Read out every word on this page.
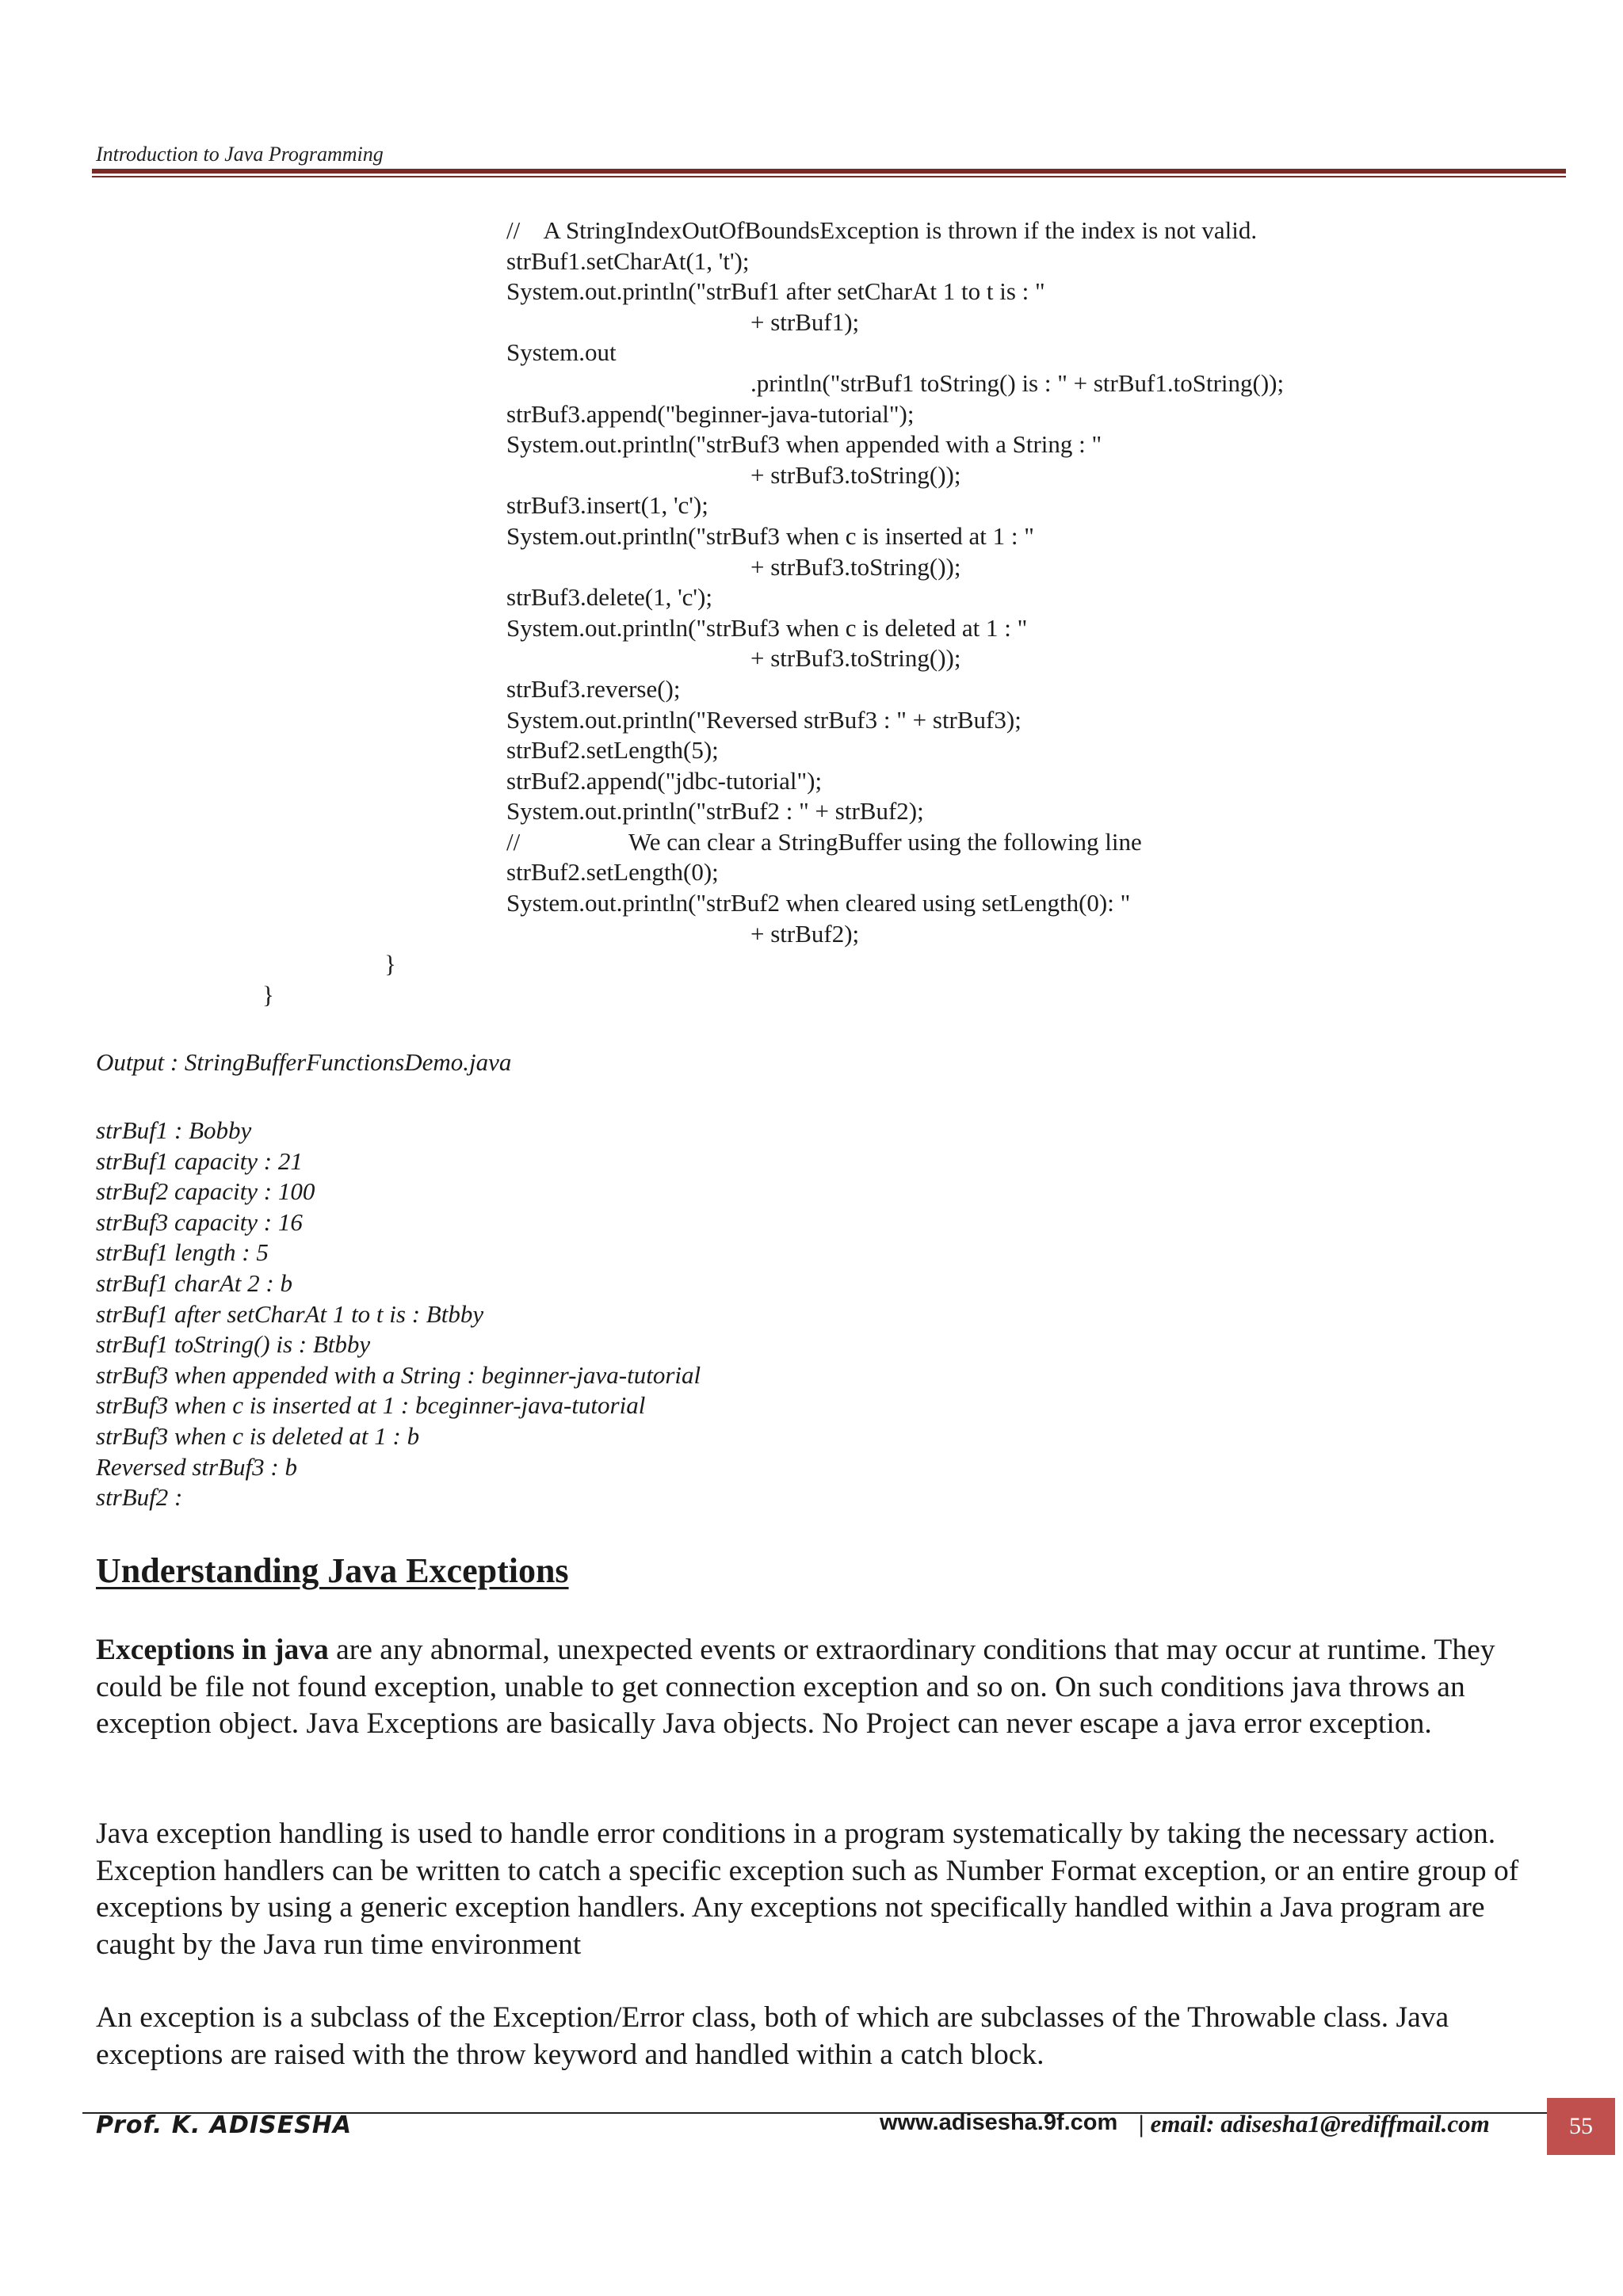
Introduction to Java Programming
//    A StringIndexOutOfBoundsException is thrown if the index is not valid.
strBuf1.setCharAt(1, 't');
System.out.println("strBuf1 after setCharAt 1 to t is : "
+ strBuf1);
System.out
.println("strBuf1 toString() is : " + strBuf1.toString());
strBuf3.append("beginner-java-tutorial");
System.out.println("strBuf3 when appended with a String : "
+ strBuf3.toString());
strBuf3.insert(1, 'c');
System.out.println("strBuf3 when c is inserted at 1 : "
+ strBuf3.toString());
strBuf3.delete(1, 'c');
System.out.println("strBuf3 when c is deleted at 1 : "
+ strBuf3.toString());
strBuf3.reverse();
System.out.println("Reversed strBuf3 : " + strBuf3);
strBuf2.setLength(5);
strBuf2.append("jdbc-tutorial");
System.out.println("strBuf2 : " + strBuf2);
//	We can clear a StringBuffer using the following line
strBuf2.setLength(0);
System.out.println("strBuf2 when cleared using setLength(0): "
+ strBuf2);
}
}
Output : StringBufferFunctionsDemo.java
strBuf1 : Bobby
strBuf1 capacity : 21
strBuf2 capacity : 100
strBuf3 capacity : 16
strBuf1 length : 5
strBuf1 charAt 2 : b
strBuf1 after setCharAt 1 to t is : Btbby
strBuf1 toString() is : Btbby
strBuf3 when appended with a String : beginner-java-tutorial
strBuf3 when c is inserted at 1 : bceginner-java-tutorial
strBuf3 when c is deleted at 1 : b
Reversed strBuf3 : b
strBuf2 :
Understanding Java Exceptions
Exceptions in java are any abnormal, unexpected events or extraordinary conditions that may occur at runtime. They could be file not found exception, unable to get connection exception and so on. On such conditions java throws an exception object. Java Exceptions are basically Java objects. No Project can never escape a java error exception.
Java exception handling is used to handle error conditions in a program systematically by taking the necessary action. Exception handlers can be written to catch a specific exception such as Number Format exception, or an entire group of exceptions by using a generic exception handlers. Any exceptions not specifically handled within a Java program are caught by the Java run time environment
An exception is a subclass of the Exception/Error class, both of which are subclasses of the Throwable class. Java exceptions are raised with the throw keyword and handled within a catch block.
Prof. K. ADISESHA	www.adisesha.9f.com | email: adisesha1@rediffmail.com	55
